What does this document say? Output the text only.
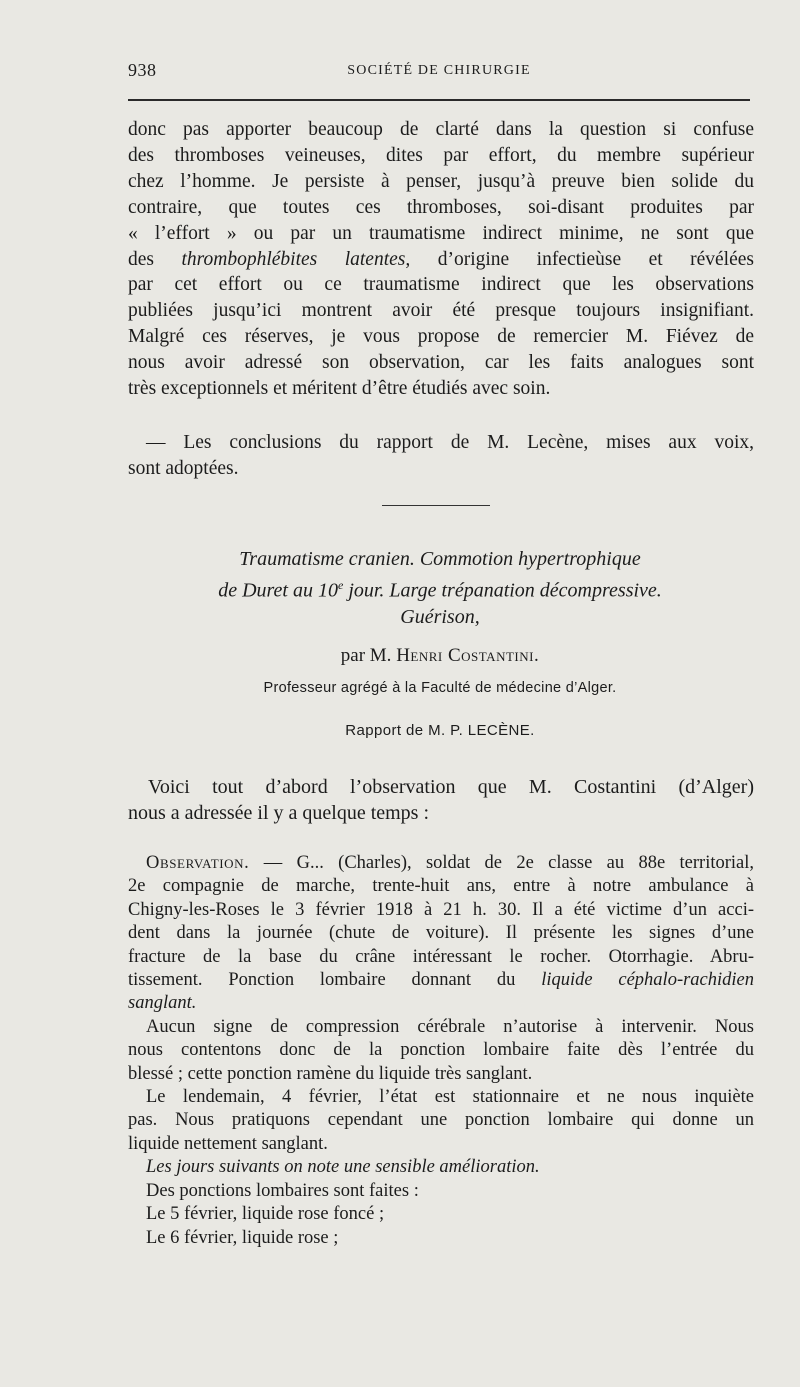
938	SOCIÉTÉ DE CHIRURGIE
donc pas apporter beaucoup de clarté dans la question si confuse
des thromboses veineuses, dites par effort, du membre supérieur
chez l’homme. Je persiste à penser, jusqu’à preuve bien solide du
contraire, que toutes ces thromboses, soi-disant produites par
« l’effort » ou par un traumatisme indirect minime, ne sont que
des thrombophlébites latentes, d’origine infectieùse et révélées
par cet effort ou ce traumatisme indirect que les observations
publiées jusqu’ici montrent avoir été presque toujours insignifiant.
Malgré ces réserves, je vous propose de remercier M. Fiévez de
nous avoir adressé son observation, car les faits analogues sont
très exceptionnels et méritent d’être étudiés avec soin.
— Les conclusions du rapport de M. Lecène, mises aux voix,
sont adoptées.
Traumatisme cranien. Commotion hypertrophique
de Duret au 10e jour. Large trépanation décompressive.
Guérison,
par M. Henri Costantini.
Professeur agrégé à la Faculté de médecine d’Alger.
Rapport de M. P. LECÈNE.
Voici tout d’abord l’observation que M. Costantini (d’Alger)
nous a adressée il y a quelque temps :
Observation. — G... (Charles), soldat de 2e classe au 88e territorial,
2e compagnie de marche, trente-huit ans, entre à notre ambulance à
Chigny-les-Roses le 3 février 1918 à 21 h. 30. Il a été victime d’un acci-
dent dans la journée (chute de voiture). Il présente les signes d’une
fracture de la base du crâne intéressant le rocher. Otorrhagie. Abru-
tissement. Ponction lombaire donnant du liquide céphalo-rachidien
sanglant.
Aucun signe de compression cérébrale n’autorise à intervenir. Nous
nous contentons donc de la ponction lombaire faite dès l’entrée du
blessé ; cette ponction ramène du liquide très sanglant.
Le lendemain, 4 février, l’état est stationnaire et ne nous inquiète
pas. Nous pratiquons cependant une ponction lombaire qui donne un
liquide nettement sanglant.
Les jours suivants on note une sensible amélioration.
Des ponctions lombaires sont faites :
Le 5 février, liquide rose foncé ;
Le 6 février, liquide rose ;
